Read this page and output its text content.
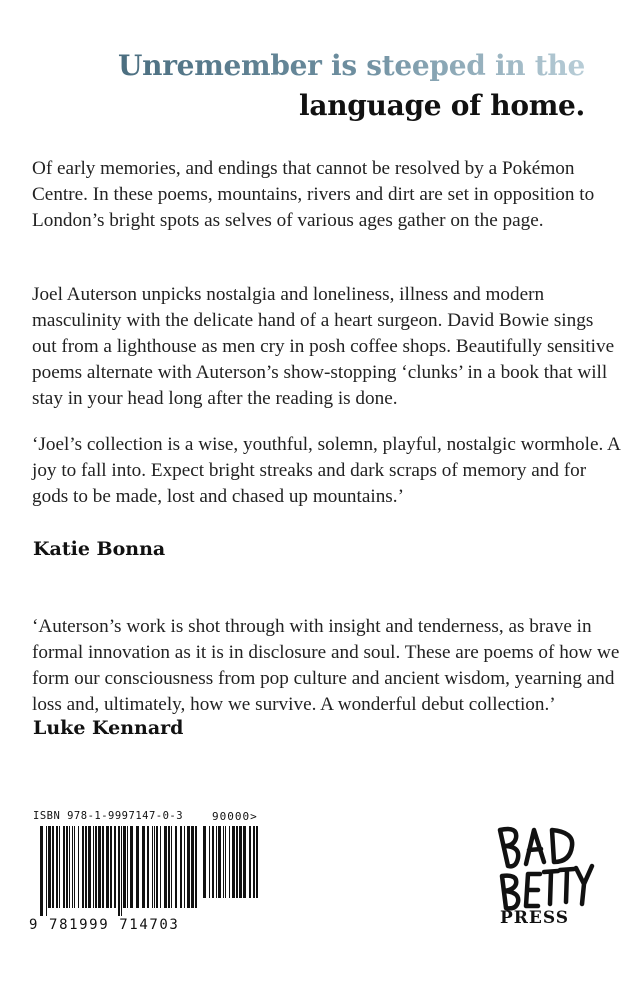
Unremember is steeped in the
language of home.

Of early memories, and endings that cannot be resolved by a Pokémon Centre. In these poems, mountains, rivers and dirt are set in opposition to London’s bright spots as selves of various ages gather on the page.

Joel Auterson unpicks nostalgia and loneliness, illness and modern masculinity with the delicate hand of a heart surgeon. David Bowie sings out from a lighthouse as men cry in posh coffee shops. Beautifully sensitive poems alternate with Auterson’s show-stopping ‘clunks’ in a book that will stay in your head long after the reading is done.

‘Joel’s collection is a wise, youthful, solemn, playful, nostalgic wormhole. A joy to fall into. Expect bright streaks and dark scraps of memory and for gods to be made, lost and chased up mountains.’

Katie Bonna

‘Auterson’s work is shot through with insight and tenderness, as brave in formal innovation as it is in disclosure and soul. These are poems of how we form our consciousness from pop culture and ancient wisdom, yearning and loss and, ultimately, how we survive. A wonderful debut collection.’

Luke Kennard
ISBN 978-1-9997147-0-3	90000>
9 781999 714703	PRESS
